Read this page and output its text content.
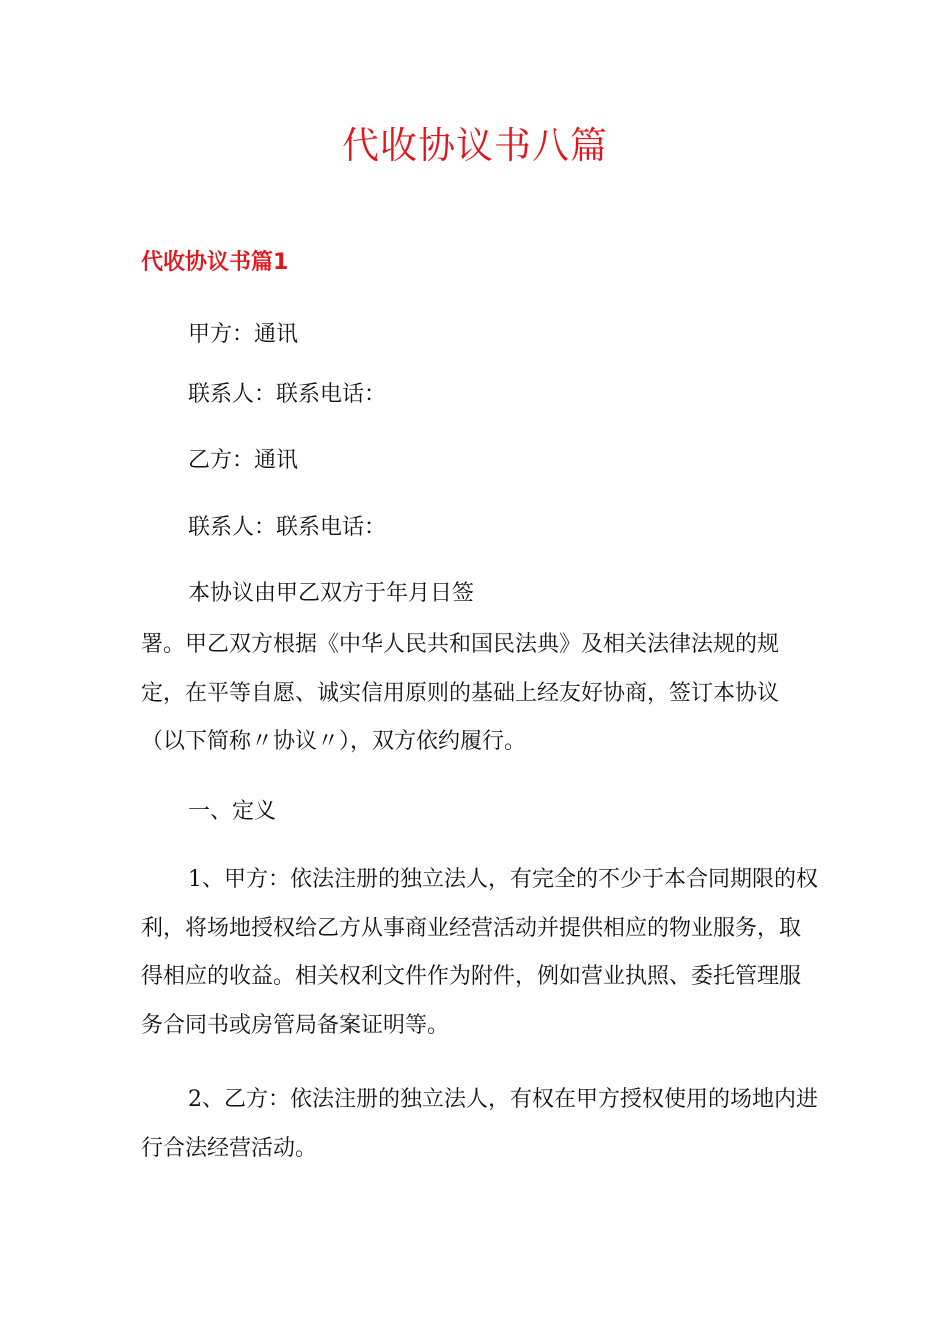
代收协议书八篇
代收协议书篇1

甲方：通讯

联系人：联系电话：

乙方：通讯

联系人：联系电话：

本协议由甲乙双方于年月日签

署。甲乙双方根据《中华人民共和国民法典》及相关法律法规的规定，在平等自愿、诚实信用原则的基础上经友好协商，签订本协议（以下简称〃协议〃），双方依约履行。

一、定义

1、甲方：依法注册的独立法人，有完全的不少于本合同期限的权利，将场地授权给乙方从事商业经营活动并提供相应的物业服务，取得相应的收益。相关权利文件作为附件，例如营业执照、委托管理服务合同书或房管局备案证明等。

2、乙方：依法注册的独立法人，有权在甲方授权使用的场地内进行合法经营活动。
